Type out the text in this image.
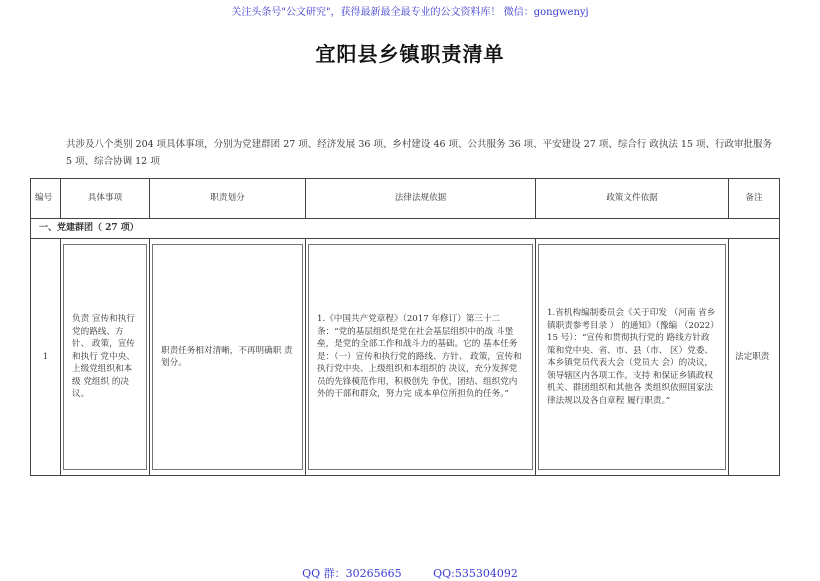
关注头条号"公文研究"，获得最新最全最专业的公文资料库！ 微信：gongwenyj
宜阳县乡镇职责清单
共涉及八个类别 204 项具体事项，分别为党建群团 27 项、经济发展 36 项、乡村建设 46 项、公共服务 36 项、平安建设 27 项、综合行 政执法 15 项、行政审批服务 5 项、综合协调 12 项
编号	具体事项	职责划分	法律法规依据	政策文件依据	备注
一、党建群团（ 27 项）					
1	负责 宣传和执行 党的路线、方针、 政策，宣传和执行 党中央、上级党组织和本级 党组织 的决议。	职责任务相对清晰，不再明确职 责划分。	1.《中国共产党章程》（2017 年修订）第三十二 条：“党的基层组织是党在社会基层组织中的战 斗堡垒，是党的全部工作和战斗力的基础。它的 基本任务是：（一）宣传和执行党的路线、方针、 政策，宣传和执行党中央、上级组织和本组织的 决议，充分发挥党员的先锋模范作用，积极创先 争优，团结、组织党内外的干部和群众，努力完 成本单位所担负的任务。”	1.省机构编制委员会《关于印发 （河南 省乡镇职责参考目录 ） 的通知》（豫编 （2022）15 号）：“宣传和贯彻执行党的 路线方针政策和党中央、省、市、县（市、 区）党委、本乡镇党员代表大会（党员大 会）的决议，领导辖区内各项工作。支持 和保证乡镇政权机关、群团组织和其他各 类组织依照国家法律法规以及各自章程 履行职责。”	法定职责
QQ 群：30265665	QQ:535304092
